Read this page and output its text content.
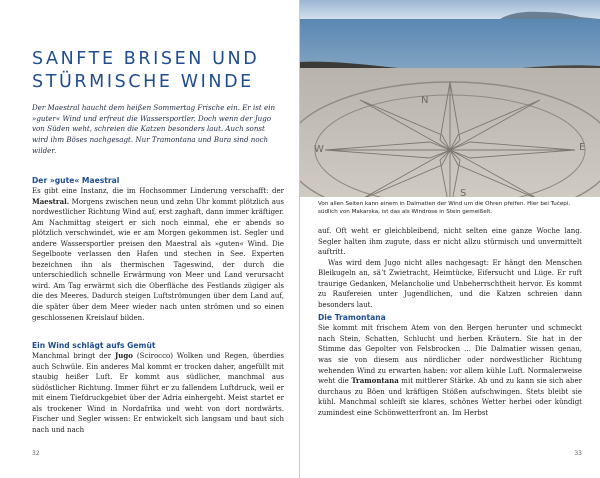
SANFTE BRISEN UND STÜRMISCHE WINDE

Der Maestral haucht dem heißen Sommertag Frische ein. Er ist ein »guter« Wind und erfreut die Wassersportler. Doch wenn der Jugo von Süden weht, schreien die Katzen besonders laut. Auch sonst wird ihm Böses nachgesagt. Nur Tramontana und Bura sind noch wilder.

Der »gute« Maestral

Es gibt eine Instanz, die im Hochsommer Linderung verschafft: der Maestral. Morgens zwischen neun und zehn Uhr kommt plötzlich aus nordwestlicher Richtung Wind auf, erst zaghaft, dann immer kräftiger. Am Nachmittag steigert er sich noch einmal, ehe er abends so plötzlich verschwindet, wie er am Morgen gekommen ist. Segler und andere Wassersportler preisen den Maestral als »guten« Wind. Die Segelboote verlassen den Hafen und stechen in See. Experten bezeichnen ihn als thermischen Tageswind, der durch die unterschiedlich schnelle Erwärmung von Meer und Land verursacht wird. Am Tag erwärmt sich die Oberfläche des Festlands zügiger als die des Meeres. Dadurch steigen Luftströmungen über dem Land auf, die später über dem Meer wieder nach unten strömen und so einen geschlossenen Kreislauf bilden.

Ein Wind schlägt aufs Gemüt

Manchmal bringt der Jugo (Scirocco) Wolken und Regen, überdies auch Schwüle. Ein anderes Mal kommt er trocken daher, angefüllt mit staubig heißer Luft. Er kommt aus südlicher, manchmal aus südöstlicher Richtung. Immer führt er zu fallendem Luftdruck, weil er mit einem Tiefdruckgebiet über der Adria einhergeht. Meist startet er als trockener Wind in Nordafrika und weht von dort nordwärts. Fischer und Segler wissen: Er entwickelt sich langsam und baut sich nach und nach

32
N
S
E
W

Von allen Seiten kann einem in Dalmatien der Wind um die Ohren pfeifen. Hier bei Tučepi, südlich von Makarska, ist das als Windrose in Stein gemeißelt.

auf. Oft weht er gleichbleibend, nicht selten eine ganze Woche lang. Segler halten ihm zugute, dass er nicht allzu stürmisch und unvermittelt auftritt.

Was wird dem Jugo nicht alles nachgesagt: Er hängt den Menschen Bleikugeln an, säʼt Zwietracht, Heimtücke, Eifersucht und Lüge. Er ruft traurige Gedanken, Melancholie und Unbeherrschtheit hervor. Es kommt zu Raufereien unter Jugendlichen, und die Katzen schreien dann besonders laut.

Die Tramontana

Sie kommt mit frischem Atem von den Bergen herunter und schmeckt nach Stein, Schatten, Schlucht und herben Kräutern. Sie hat in der Stimme das Gepolter von Felsbrocken … Die Dalmatier wissen genau, was sie von diesem aus nördlicher oder nordwestlicher Richtung wehenden Wind zu erwarten haben: vor allem kühle Luft. Normalerweise weht die Tramontana mit mittlerer Stärke. Ab und zu kann sie sich aber durchaus zu Böen und kräftigen Stößen aufschwingen. Stets bleibt sie kühl. Manchmal schleift sie klares, schönes Wetter herbei oder kündigt zumindest eine Schönwetterfront an. Im Herbst

33
